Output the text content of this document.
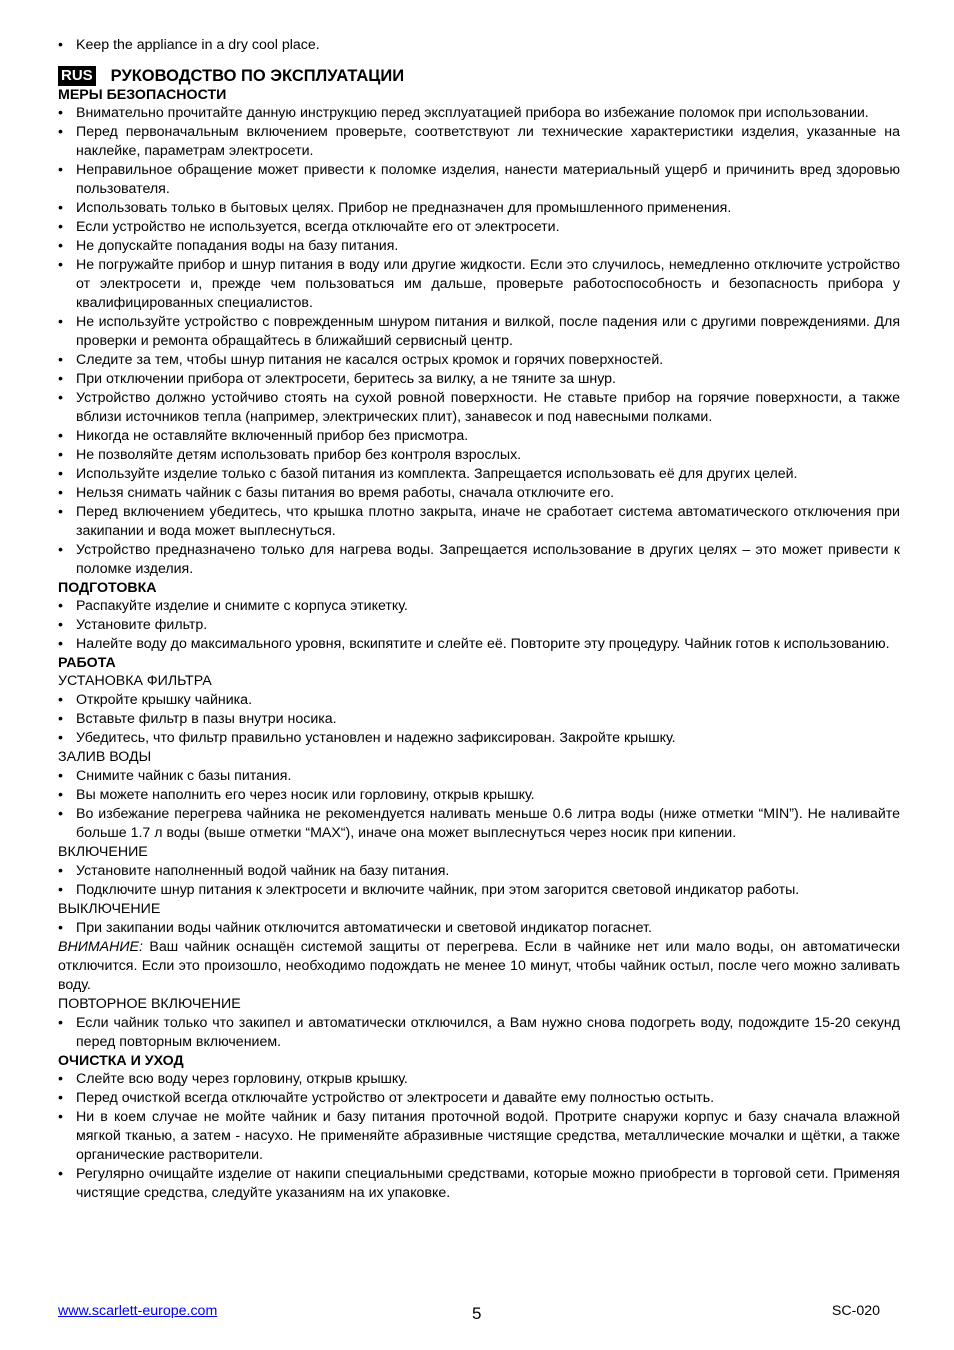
• Keep the appliance in a dry cool place.
RUS РУКОВОДСТВО ПО ЭКСПЛУАТАЦИИ
МЕРЫ БЕЗОПАСНОСТИ
• Внимательно прочитайте данную инструкцию перед эксплуатацией прибора во избежание поломок при использовании.
• Перед первоначальным включением проверьте, соответствуют ли технические характеристики изделия, указанные на наклейке, параметрам электросети.
• Неправильное обращение может привести к поломке изделия, нанести материальный ущерб и причинить вред здоровью пользователя.
• Использовать только в бытовых целях. Прибор не предназначен для промышленного применения.
• Если устройство не используется, всегда отключайте его от электросети.
• Не допускайте попадания воды на базу питания.
• Не погружайте прибор и шнур питания в воду или другие жидкости. Если это случилось, немедленно отключите устройство от электросети и, прежде чем пользоваться им дальше, проверьте работоспособность и безопасность прибора у квалифицированных специалистов.
• Не используйте устройство с поврежденным шнуром питания и вилкой, после падения или с другими повреждениями. Для проверки и ремонта обращайтесь в ближайший сервисный центр.
• Следите за тем, чтобы шнур питания не касался острых кромок и горячих поверхностей.
• При отключении прибора от электросети, беритесь за вилку, а не тяните за шнур.
• Устройство должно устойчиво стоять на сухой ровной поверхности. Не ставьте прибор на горячие поверхности, а также вблизи источников тепла (например, электрических плит), занавесок и под навесными полками.
• Никогда не оставляйте включенный прибор без присмотра.
• Не позволяйте детям использовать прибор без контроля взрослых.
• Используйте изделие только с базой питания из комплекта. Запрещается использовать её для других целей.
• Нельзя снимать чайник с базы питания во время работы, сначала отключите его.
• Перед включением убедитесь, что крышка плотно закрыта, иначе не сработает система автоматического отключения при закипании и вода может выплеснуться.
• Устройство предназначено только для нагрева воды. Запрещается использование в других целях – это может привести к поломке изделия.
ПОДГОТОВКА
• Распакуйте изделие и снимите с корпуса этикетку.
• Установите фильтр.
• Налейте воду до максимального уровня, вскипятите и слейте её. Повторите эту процедуру. Чайник готов к использованию.
РАБОТА
УСТАНОВКА ФИЛЬТРА
• Откройте крышку чайника.
• Вставьте фильтр в пазы внутри носика.
• Убедитесь, что фильтр правильно установлен и надежно зафиксирован. Закройте крышку.
ЗАЛИВ ВОДЫ
• Снимите чайник с базы питания.
• Вы можете наполнить его через носик или горловину, открыв крышку.
• Во избежание перегрева чайника не рекомендуется наливать меньше 0.6 литра воды (ниже отметки “MIN”). Не наливайте больше 1.7 л воды (выше отметки “MAX“), иначе она может выплеснуться через носик при кипении.
ВКЛЮЧЕНИЕ
• Установите наполненный водой чайник на базу питания.
• Подключите шнур питания к электросети и включите чайник, при этом загорится световой индикатор работы.
ВЫКЛЮЧЕНИЕ
• При закипании воды чайник отключится автоматически и световой индикатор погаснет.
ВНИМАНИЕ: Ваш чайник оснащён системой защиты от перегрева. Если в чайнике нет или мало воды, он автоматически отключится. Если это произошло, необходимо подождать не менее 10 минут, чтобы чайник остыл, после чего можно заливать воду.
ПОВТОРНОЕ ВКЛЮЧЕНИЕ
• Если чайник только что закипел и автоматически отключился, а Вам нужно снова подогреть воду, подождите 15-20 секунд перед повторным включением.
ОЧИСТКА И УХОД
• Слейте всю воду через горловину, открыв крышку.
• Перед очисткой всегда отключайте устройство от электросети и давайте ему полностью остыть.
• Ни в коем случае не мойте чайник и базу питания проточной водой. Протрите снаружи корпус и базу сначала влажной мягкой тканью, а затем - насухо. Не применяйте абразивные чистящие средства, металлические мочалки и щётки, а также органические растворители.
• Регулярно очищайте изделие от накипи специальными средствами, которые можно приобрести в торговой сети. Применяя чистящие средства, следуйте указаниям на их упаковке.
www.scarlett-europe.com	5	SC-020
